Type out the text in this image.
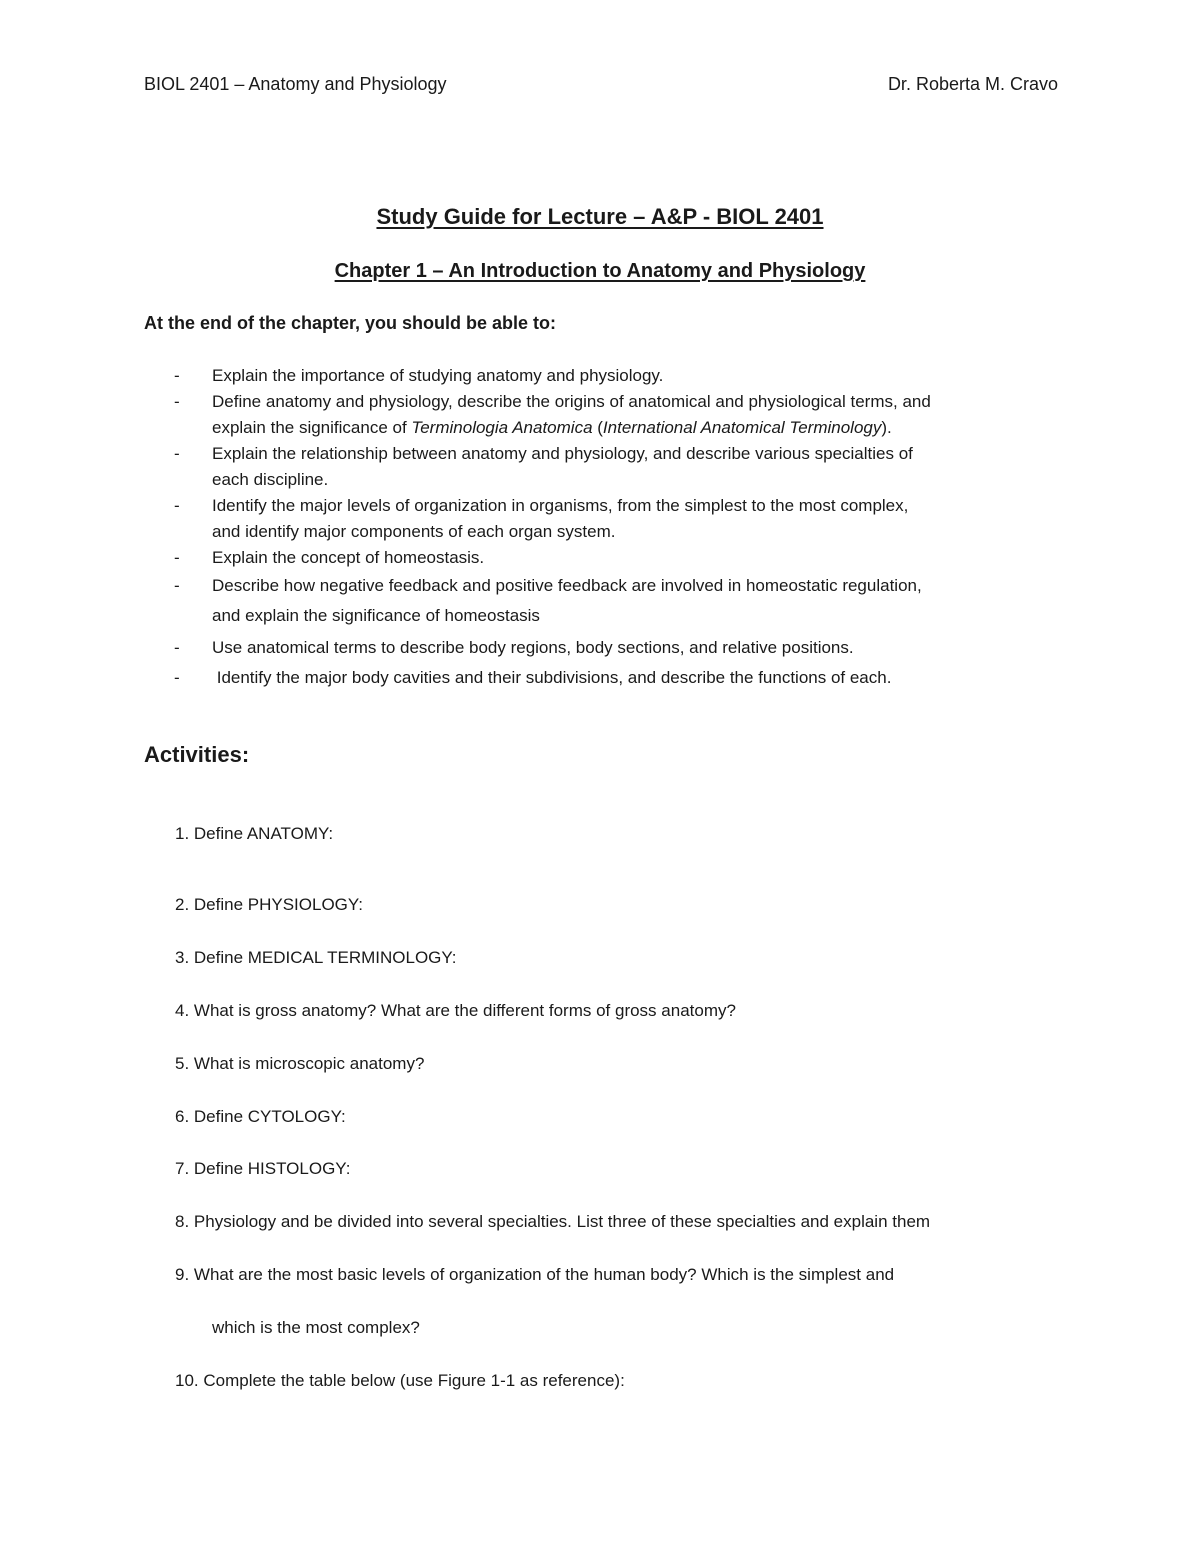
BIOL 2401 – Anatomy and Physiology	Dr. Roberta M. Cravo
Study Guide for Lecture – A&P - BIOL 2401
Chapter 1 – An Introduction to Anatomy and Physiology
At the end of the chapter, you should be able to:
- Explain the importance of studying anatomy and physiology.
- Define anatomy and physiology, describe the origins of anatomical and physiological terms, and
explain the significance of Terminologia Anatomica (International Anatomical Terminology).
- Explain the relationship between anatomy and physiology, and describe various specialties of
each discipline.
- Identify the major levels of organization in organisms, from the simplest to the most complex,
and identify major components of each organ system.
- Explain the concept of homeostasis.
- Describe how negative feedback and positive feedback are involved in homeostatic regulation,
and explain the significance of homeostasis
- Use anatomical terms to describe body regions, body sections, and relative positions.
- Identify the major body cavities and their subdivisions, and describe the functions of each.
Activities:
1. Define ANATOMY:
2. Define PHYSIOLOGY:
3. Define MEDICAL TERMINOLOGY:
4. What is gross anatomy? What are the different forms of gross anatomy?
5. What is microscopic anatomy?
6. Define CYTOLOGY:
7. Define HISTOLOGY:
8. Physiology and be divided into several specialties. List three of these specialties and explain them
9. What are the most basic levels of organization of the human body? Which is the simplest and
which is the most complex?
10. Complete the table below (use Figure 1-1 as reference):
